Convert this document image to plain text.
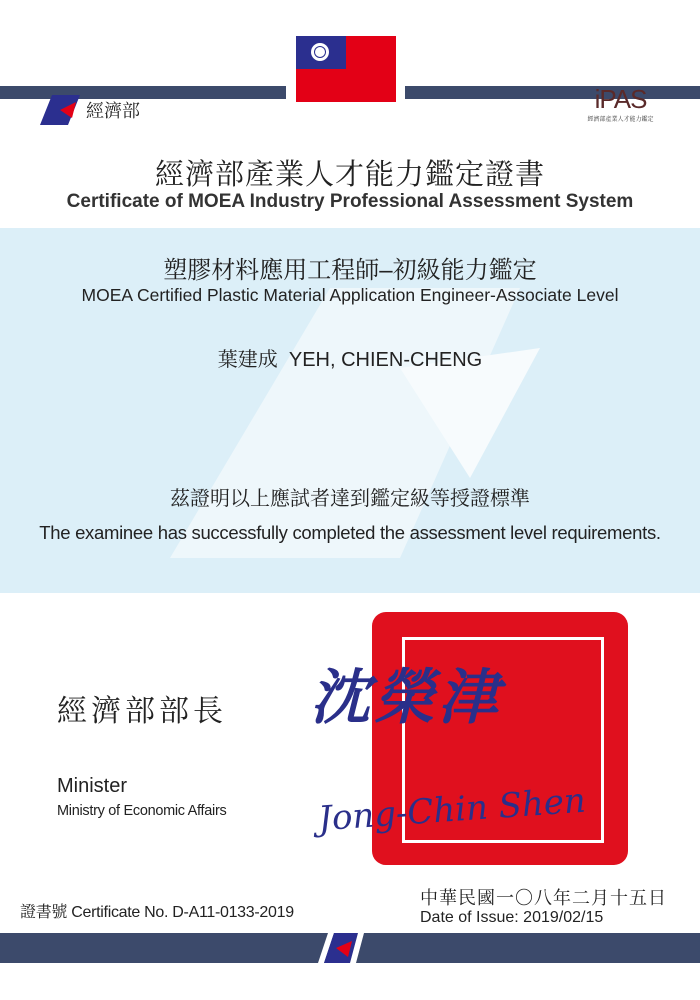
經濟部	iPAS
經濟部產業人才能力鑑定
經濟部產業人才能力鑑定證書
Certificate of MOEA Industry Professional Assessment System
塑膠材料應用工程師–初級能力鑑定
MOEA Certified Plastic Material Application Engineer-Associate Level
葉建成 YEH, CHIEN-CHENG
茲證明以上應試者達到鑑定級等授證標準
The examinee has successfully completed the assessment level requirements.
沈榮津
Jong-Chin Shen
經濟部部長
Minister
Ministry of Economic Affairs
證書號 Certificate No. D-A11-0133-2019
中華民國一〇八年二月十五日
Date of Issue: 2019/02/15
